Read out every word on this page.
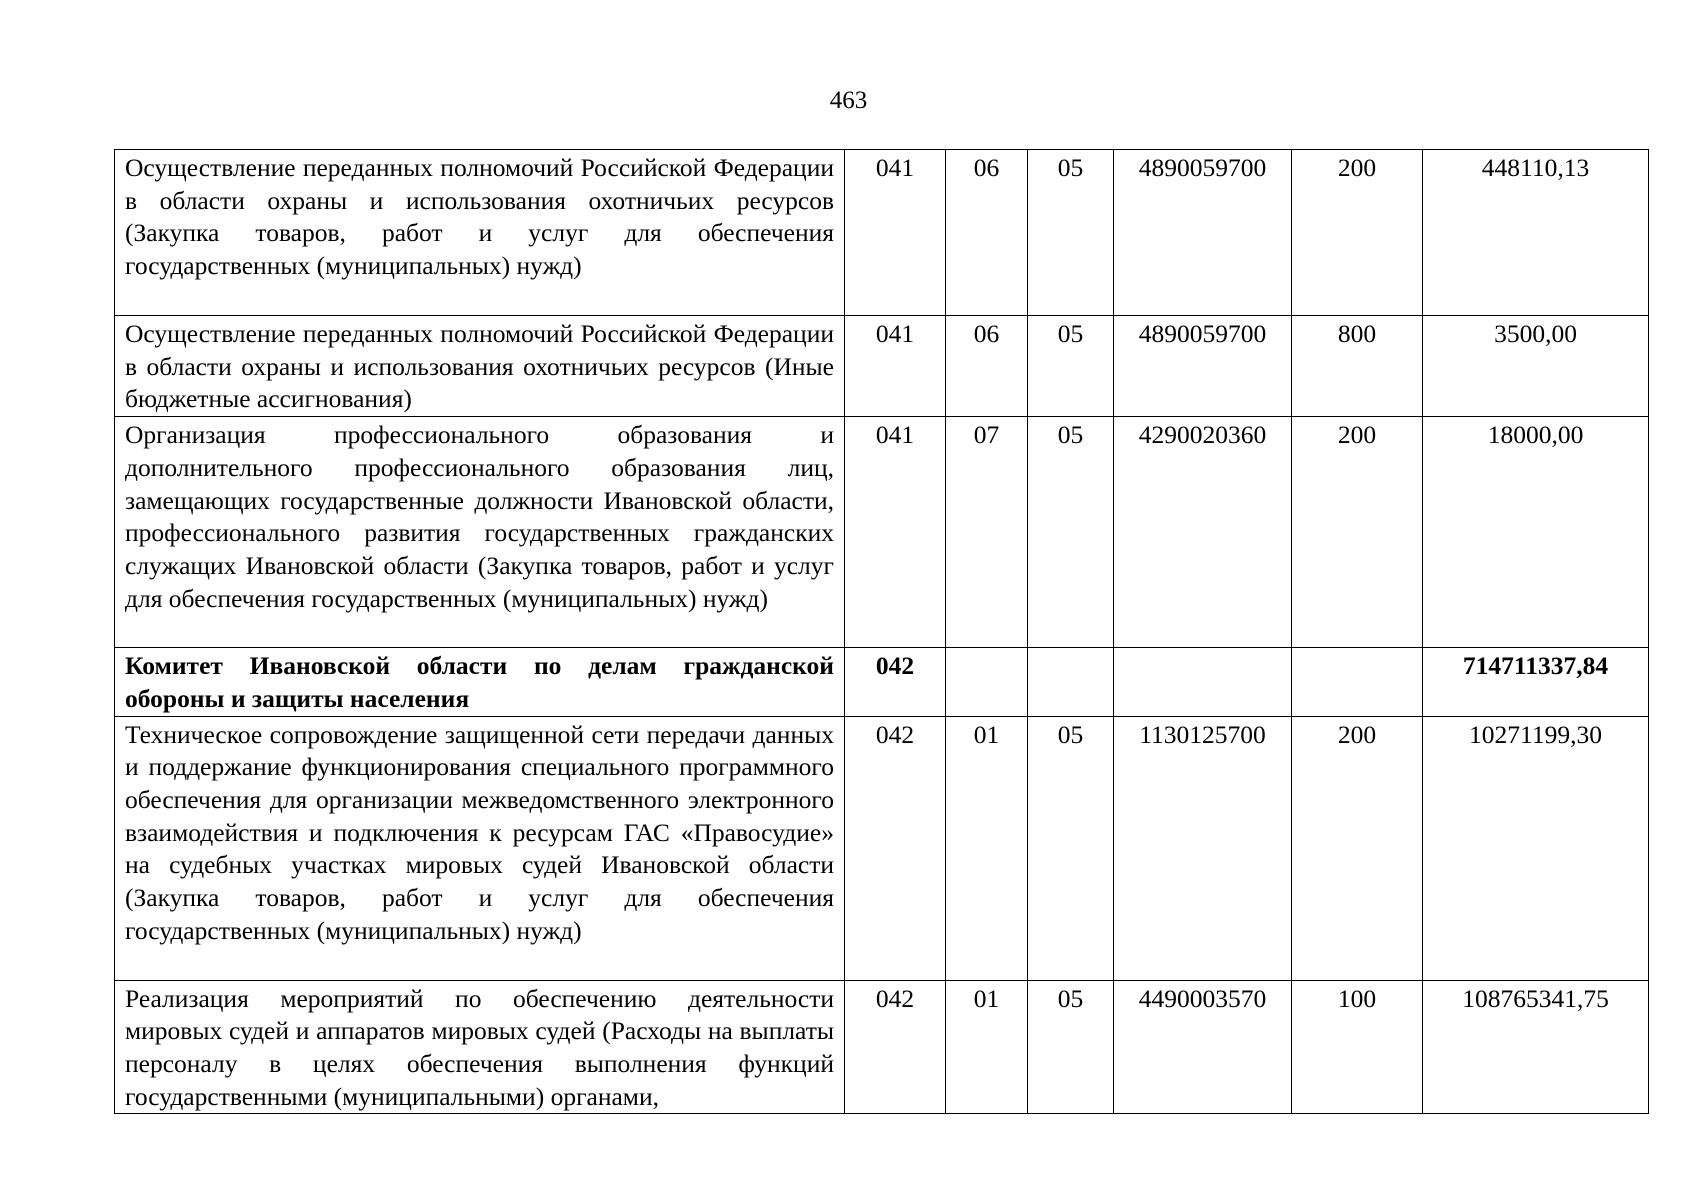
463
Осуществление переданных полномочий Российской Федерации в области охраны и использования охотничьих ресурсов (Закупка товаров, работ и услуг для обеспечения государственных (муниципальных) нужд)	041	06	05	4890059700	200	448110,13
Осуществление переданных полномочий Российской Федерации в области охраны и использования охотничьих ресурсов (Иные бюджетные ассигнования)	041	06	05	4890059700	800	3500,00
Организация профессионального образования и дополнительного профессионального образования лиц, замещающих государственные должности Ивановской области, профессионального развития государственных гражданских служащих Ивановской области (Закупка товаров, работ и услуг для обеспечения государственных (муниципальных) нужд)	041	07	05	4290020360	200	18000,00
Комитет Ивановской области по делам гражданской обороны и защиты населения	042					714711337,84
Техническое сопровождение защищенной сети передачи данных и поддержание функционирования специального программного обеспечения для организации межведомственного электронного взаимодействия и подключения к ресурсам ГАС «Правосудие» на судебных участках мировых судей Ивановской области (Закупка товаров, работ и услуг для обеспечения государственных (муниципальных) нужд)	042	01	05	1130125700	200	10271199,30
Реализация мероприятий по обеспечению деятельности мировых судей и аппаратов мировых судей (Расходы на выплаты персоналу в целях обеспечения выполнения функций государственными (муниципальными) органами,	042	01	05	4490003570	100	108765341,75
